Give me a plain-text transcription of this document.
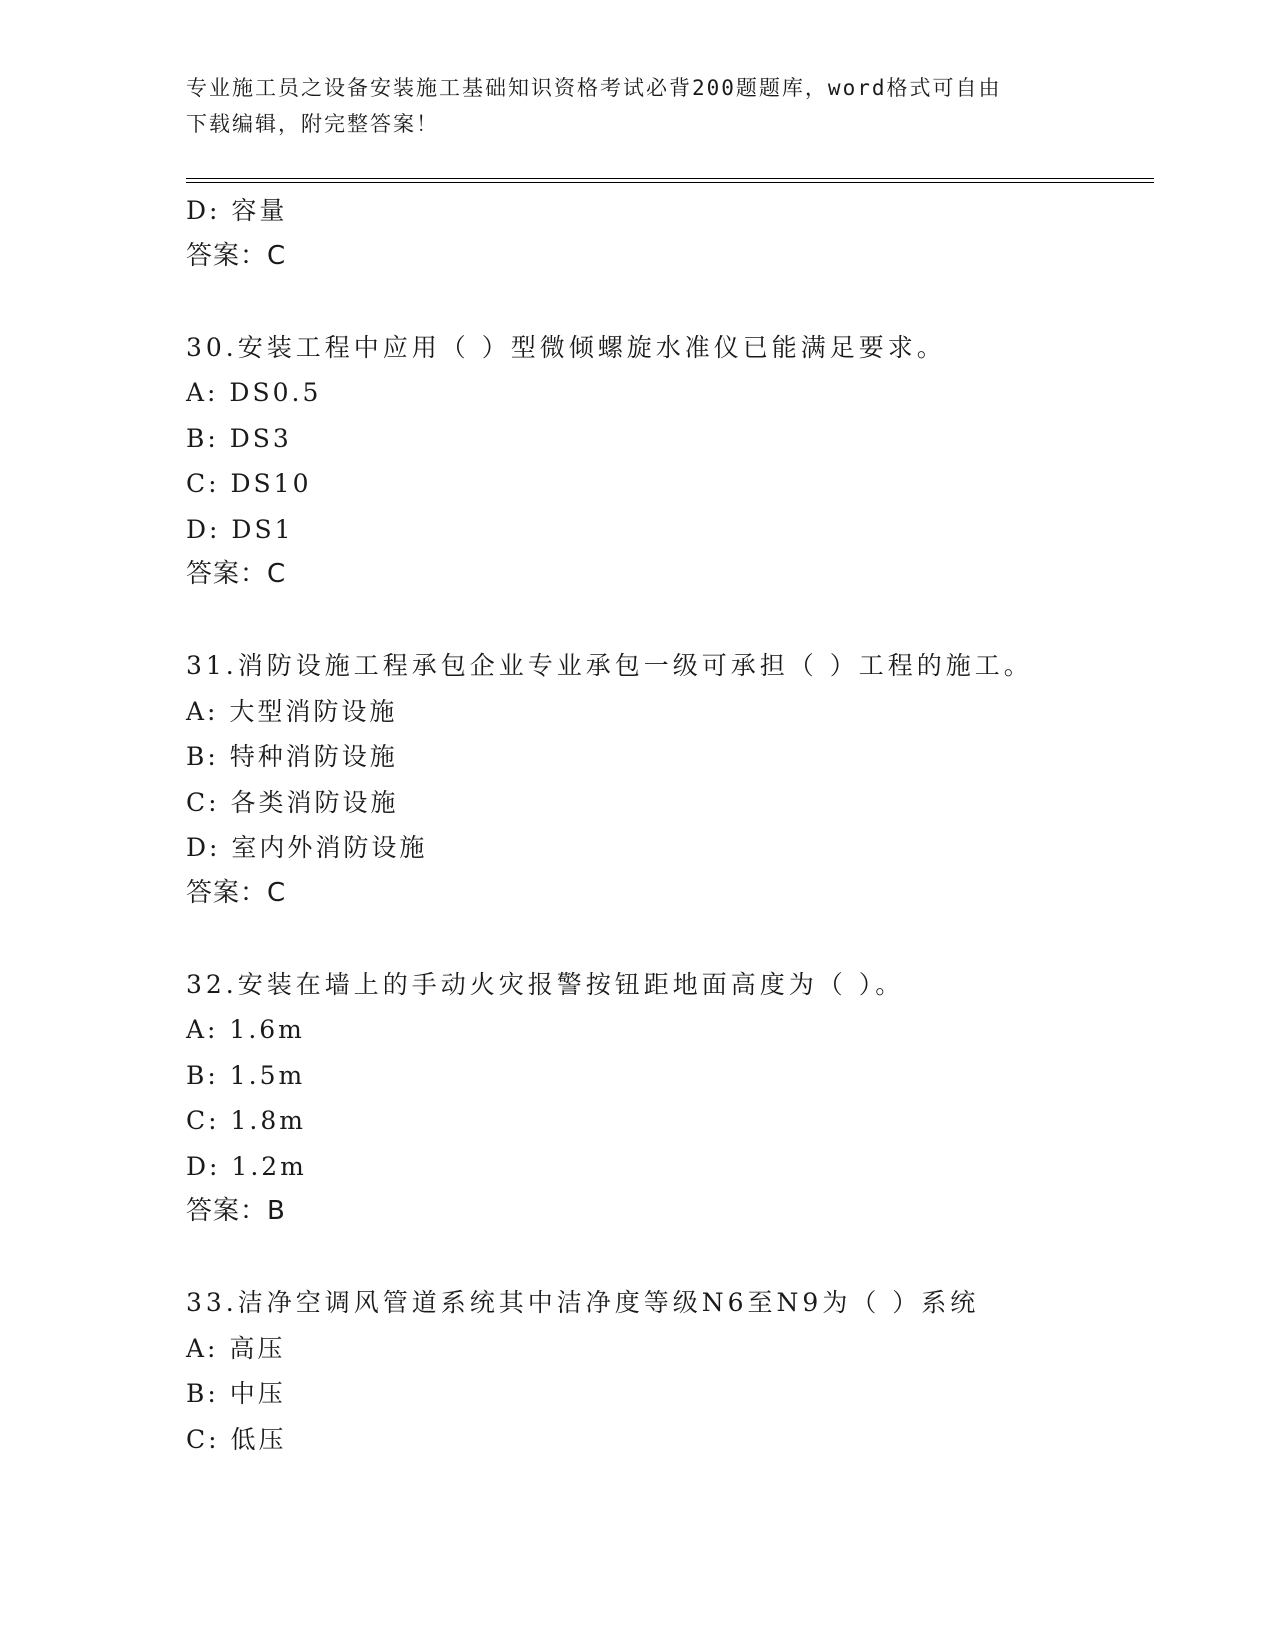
专业施工员之设备安装施工基础知识资格考试必背200题题库，word格式可自由
下载编辑，附完整答案！
D: 容量
答案：C
30.安装工程中应用（ ）型微倾螺旋水准仪已能满足要求。
A: DS0.5
B: DS3
C: DS10
D: DS1
答案：C
31.消防设施工程承包企业专业承包一级可承担（ ）工程的施工。
A: 大型消防设施
B: 特种消防设施
C: 各类消防设施
D: 室内外消防设施
答案：C
32.安装在墙上的手动火灾报警按钮距地面高度为（ ）。
A: 1.6m
B: 1.5m
C: 1.8m
D: 1.2m
答案：B
33.洁净空调风管道系统其中洁净度等级N6至N9为（ ）系统
A: 高压
B: 中压
C: 低压
